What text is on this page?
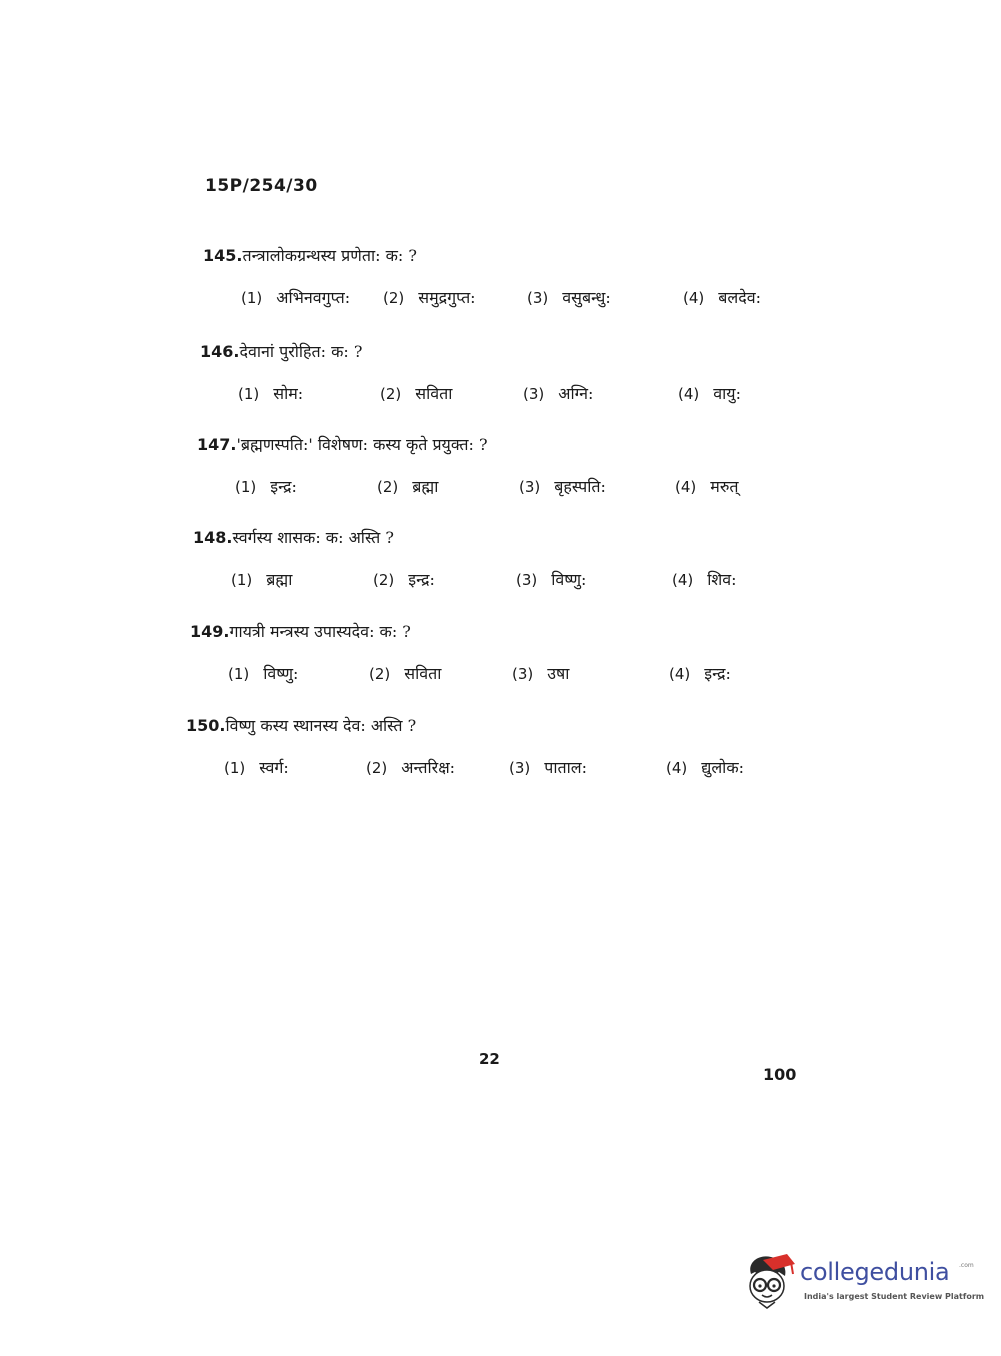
15P/254/30
145. तन्त्रालोकग्रन्थस्य प्रणेता: क: ?
(1) अभिनवगुप्त: (2) समुद्रगुप्त:	(3) वसुबन्धु:	(4) बलदेव:
146. देवानां पुरोहित: क: ?
(1) सोम:	(2) सविता	(3) अग्नि:	(4) वायु:
147. 'ब्रह्मणस्पति:' विशेषण: कस्य कृते प्रयुक्त: ?
(1) इन्द्र:	(2) ब्रह्मा	(3) बृहस्पति:	(4) मरुत्
148. स्वर्गस्य शासक: क: अस्ति ?
(1) ब्रह्मा	(2) इन्द्र:	(3) विष्णु:	(4) शिव:
149. गायत्री मन्त्रस्य उपास्यदेव: क: ?
(1) विष्णु:	(2) सविता	(3) उषा	(4) इन्द्र:
150. विष्णु कस्य स्थानस्य देव: अस्ति ?
(1) स्वर्ग:	(2) अन्तरिक्ष:	(3) पाताल:	(4) द्युलोक:
22
100
collegedunia .com
India's largest Student Review Platform
